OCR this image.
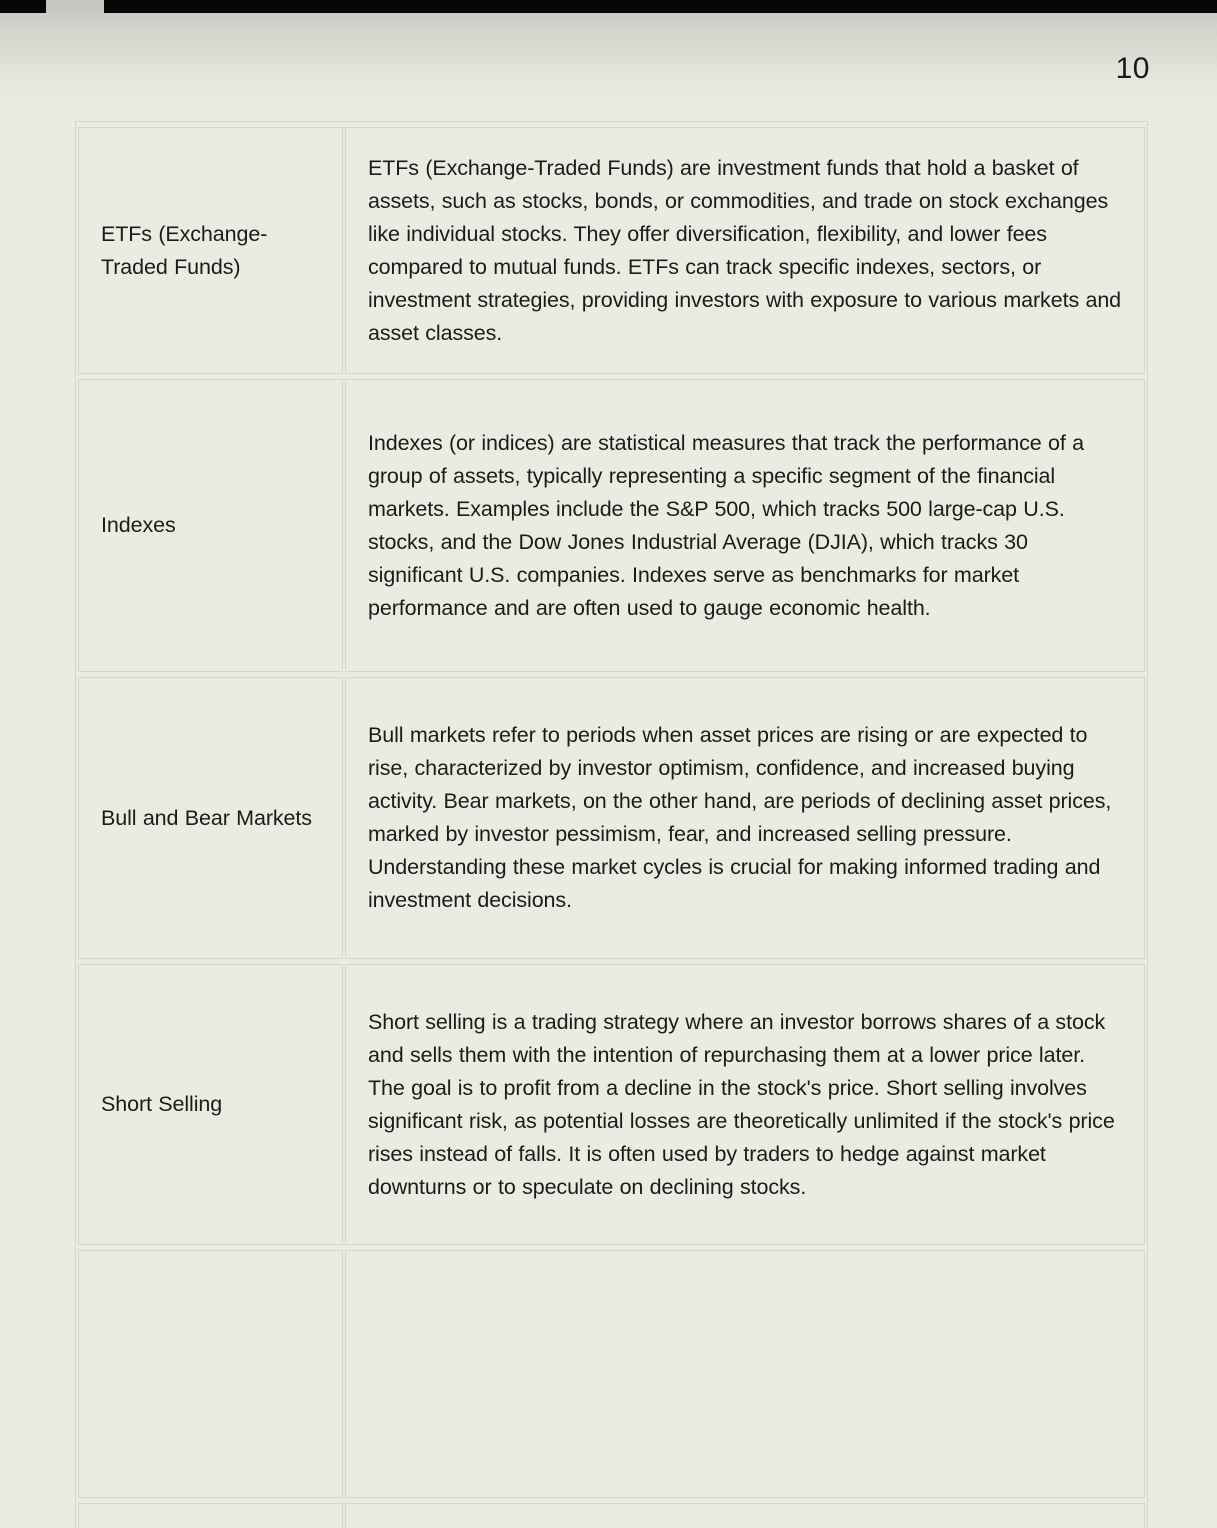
10
ETFs (Exchange-Traded Funds)	ETFs (Exchange-Traded Funds) are investment funds that hold a basket of assets, such as stocks, bonds, or commodities, and trade on stock exchanges like individual stocks. They offer diversification, flexibility, and lower fees compared to mutual funds. ETFs can track specific indexes, sectors, or investment strategies, providing investors with exposure to various markets and asset classes.
Indexes	Indexes (or indices) are statistical measures that track the performance of a group of assets, typically representing a specific segment of the financial markets. Examples include the S&P 500, which tracks 500 large-cap U.S. stocks, and the Dow Jones Industrial Average (DJIA), which tracks 30 significant U.S. companies. Indexes serve as benchmarks for market performance and are often used to gauge economic health.
Bull and Bear Markets	Bull markets refer to periods when asset prices are rising or are expected to rise, characterized by investor optimism, confidence, and increased buying activity. Bear markets, on the other hand, are periods of declining asset prices, marked by investor pessimism, fear, and increased selling pressure. Understanding these market cycles is crucial for making informed trading and investment decisions.
Short Selling	Short selling is a trading strategy where an investor borrows shares of a stock and sells them with the intention of repurchasing them at a lower price later. The goal is to profit from a decline in the stock's price. Short selling involves significant risk, as potential losses are theoretically unlimited if the stock's price rises instead of falls. It is often used by traders to hedge against market downturns or to speculate on declining stocks.
